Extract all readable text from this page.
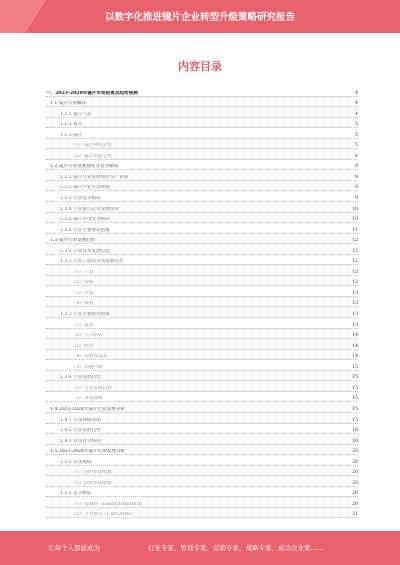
以数字化推进镜片企业转型升级策略研究报告
内容目录
一、2023-2028年镜片市场前景及趋势预测	4
1.1 镜片行业概况	4
1.1.1 镜片产品	4
1.1.2 镜头	5
1.1.3 镜片	5
（1）镜片材料分类	5
（2）镜片功能分类	6
1.2 镜片行业发展现状及竞争格局	8
1.2.1 镜片行业发展现状及产业链	8
1.2.2 镜片行业市场规模	8
1.2.3 行业竞争格局	9
1.2.4 行业重点企业发展情况	10
1.2.5 镜片市场竞争格局	10
1.2.6 行业主要驱动因素	11
1.3 镜片行业发展趋势	12
1.3.1 行业技术发展趋势	12
1.3.2 行业产品及市场发展趋势	12
（1）产品	12
（2）价格	12
（3）区域	13
（4）渠道	13
1.3.3 行业主要驱动因素	13
（1）政策	13
（2）人口结构	14
（3）经济	14
（4）消费者需求	14
（5）消费升级	15
1.3.4 行业发展趋势	15
（1）行业发展趋势	15
（2）市场规模	15
1.4 2023-2028年镜片行业发展分析	15
1.4.1 市场规模预测	15
1.4.2 行业发展趋势	16
1.4.3 市场竞争格局	16
1.5 2023-2028年镜片市场发展分析	20
1.5.1 市场规模	20
（1）国内市场规模	20
（2）国外市场规模	20
1.5.2 竞争格局	20
（1）依视路（EssilorLuxottica）	20
（2）卡尔蔡司（Carl Zeiss）	21
-
让每个人都能成为	行业专家、管理专家、营销专家、战略专家、成功企业家……
